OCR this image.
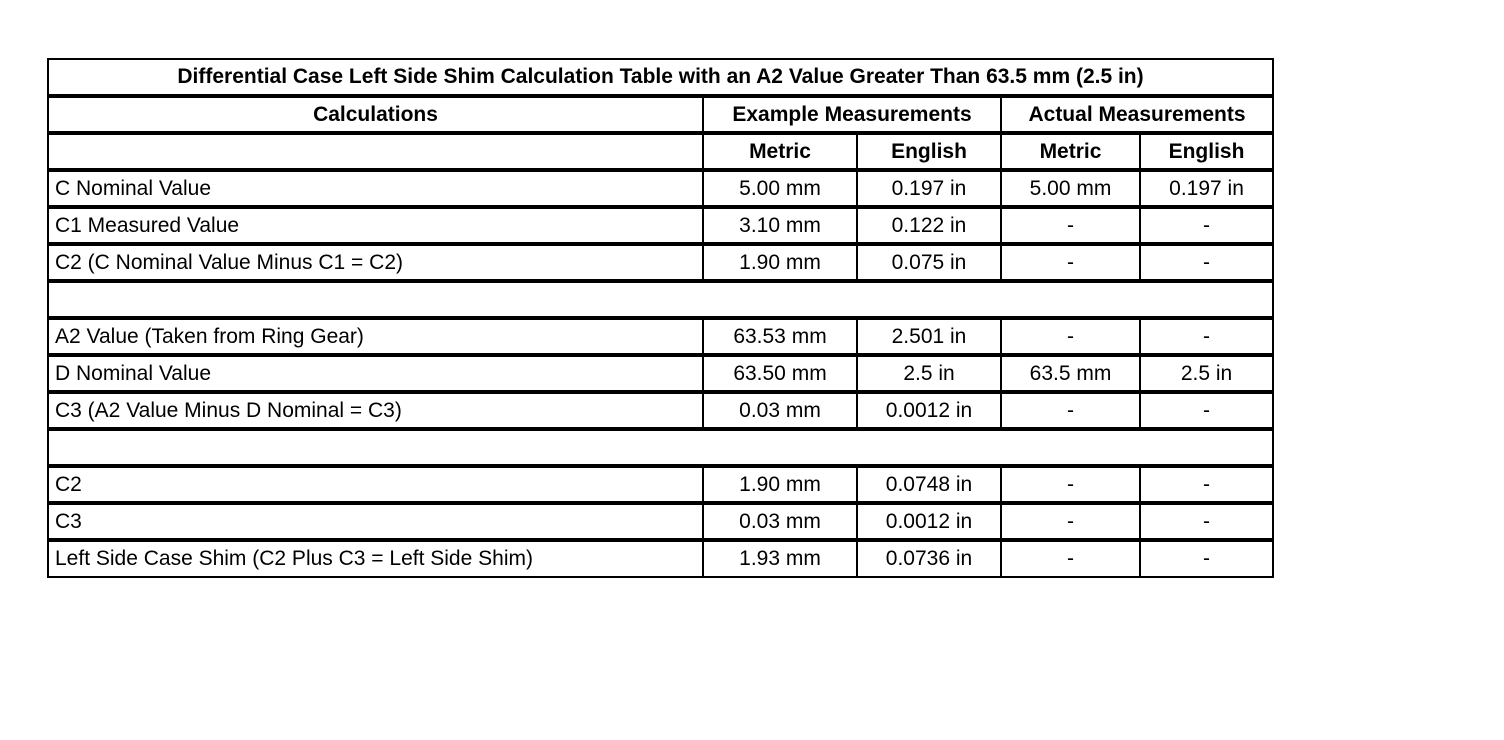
Differential Case Left Side Shim Calculation Table with an A2 Value Greater Than 63.5 mm (2.5 in)				
Calculations	Example Measurements		Actual Measurements	
	Metric	English	Metric	English
C Nominal Value	5.00 mm	0.197 in	5.00 mm	0.197 in
C1 Measured Value	3.10 mm	0.122 in	-	-
C2 (C Nominal Value Minus C1 = C2)	1.90 mm	0.075 in	-	-

A2 Value (Taken from Ring Gear)	63.53 mm	2.501 in	-	-
D Nominal Value	63.50 mm	2.5 in	63.5 mm	2.5 in
C3 (A2 Value Minus D Nominal = C3)	0.03 mm	0.0012 in	-	-

C2	1.90 mm	0.0748 in	-	-
C3	0.03 mm	0.0012 in	-	-
Left Side Case Shim (C2 Plus C3 = Left Side Shim)	1.93 mm	0.0736 in	-	-
